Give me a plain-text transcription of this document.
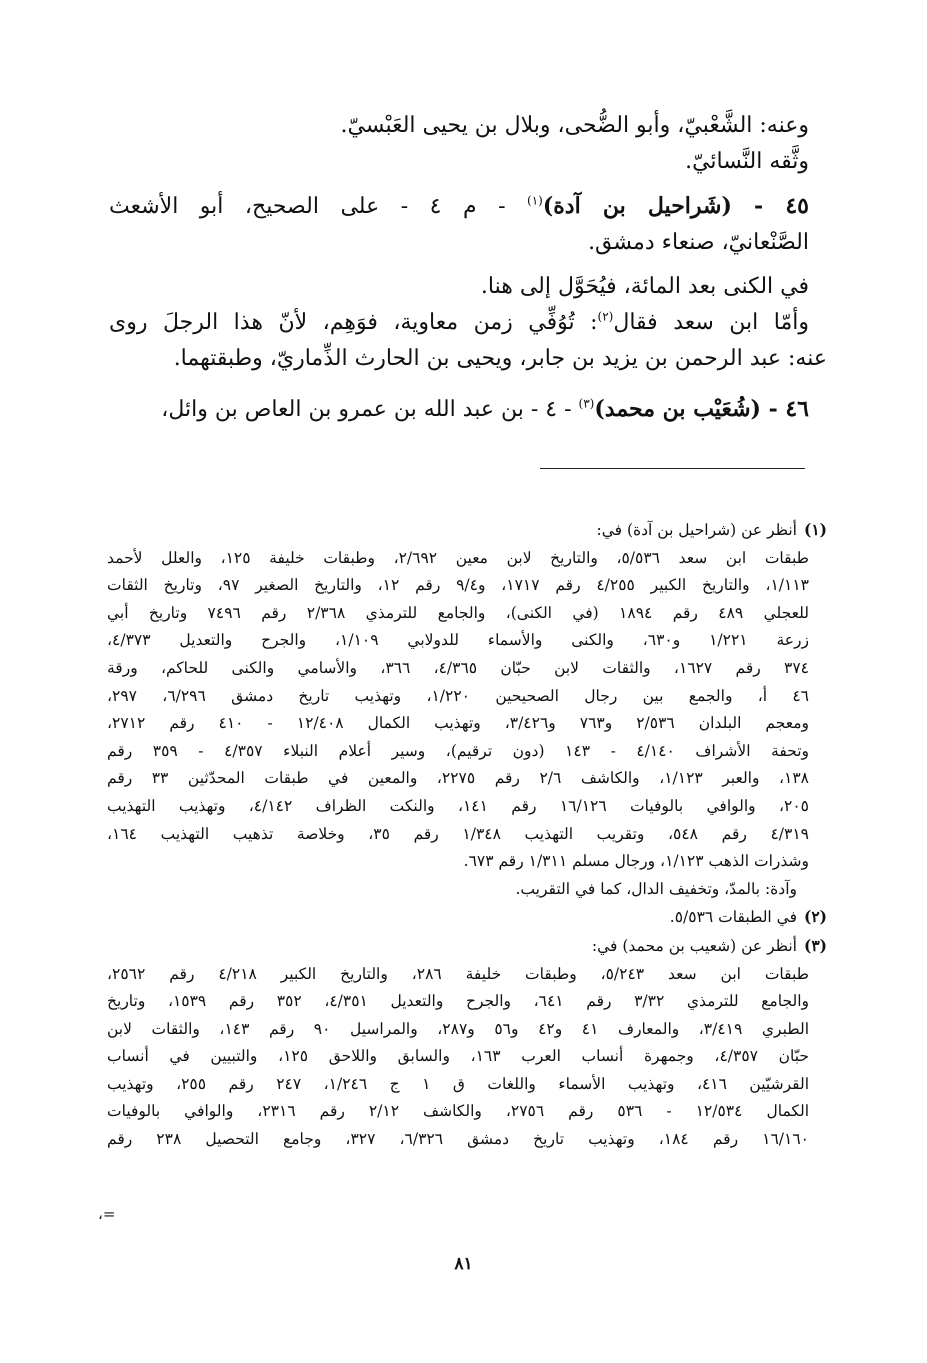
وعنه: الشَّعْبيّ، وأبو الضُّحى، وبلال بن يحيى العَبْسيّ.

وثَّقه النَّسائيّ.

٤٥ - (شَراحيل بن آدة)$^{(١)}$ - م ٤ - على الصحيح، أبو الأشعث

الصَّنْعانيّ، صنعاء دمشق.

في الكنى بعد المائة، فيُحَوَّل إلى هنا.

وأمّا ابن سعد فقال$^{(٢)}$: تُوُفِّي زمن معاوية، فوَهِم، لأنّ هذا الرجلَ روى

عنه: عبد الرحمن بن يزيد بن جابر، ويحيى بن الحارث الذِّماريّ، وطبقتهما.

٤٦ - (شُعَيْب بن محمد)$^{(٣)}$ - ٤ - بن عبد الله بن عمرو بن العاص بن وائل،

(١)أنظر عن (شراحيل بن آدة) في:

طبقات ابن سعد ٥/٥٣٦، والتاريخ لابن معين ٢/٦٩٢، وطبقات خليفة ١٢٥، والعلل لأحمد

١/١١٣، والتاريخ الكبير ٤/٢٥٥ رقم ١٧١٧، و٩/٤ رقم ١٢، والتاريخ الصغير ٩٧، وتاريخ الثقات

للعجلي ٤٨٩ رقم ١٨٩٤ (في الكنى)، والجامع للترمذي ٢/٣٦٨ رقم ٧٤٩٦ وتاريخ أبي

زرعة ١/٢٢١ و٦٣٠، والكنى والأسماء للدولابي ١/١٠٩، والجرح والتعديل ٤/٣٧٣،

٣٧٤ رقم ١٦٢٧، والثقات لابن حبّان ٤/٣٦٥، ٣٦٦، والأسامي والكنى للحاكم، ورقة

٤٦ أ، والجمع بين رجال الصحيحين ١/٢٢٠، وتهذيب تاريخ دمشق ٦/٢٩٦، ٢٩٧،

ومعجم البلدان ٢/٥٣٦ و٧٦٣ و٣/٤٢٦، وتهذيب الكمال ١٢/٤٠٨ - ٤١٠ رقم ٢٧١٢،

وتحفة الأشراف ٤/١٤٠ - ١٤٣ (دون ترقيم)، وسير أعلام النبلاء ٤/٣٥٧ - ٣٥٩ رقم

١٣٨، والعبر ١/١٢٣، والكاشف ٢/٦ رقم ٢٢٧٥، والمعين في طبقات المحدّثين ٣٣ رقم

٢٠٥، والوافي بالوفيات ١٦/١٢٦ رقم ١٤١، والنكت الظراف ٤/١٤٢، وتهذيب التهذيب

٤/٣١٩ رقم ٥٤٨، وتقريب التهذيب ١/٣٤٨ رقم ٣٥، وخلاصة تذهيب التهذيب ١٦٤،

وشذرات الذهب ١/١٢٣، ورجال مسلم ١/٣١١ رقم ٦٧٣.

وآدة: بالمدّ، وتخفيف الدال، كما في التقريب.

(٢)في الطبقات ٥/٥٣٦.

(٣)أنظر عن (شعيب بن محمد) في:

طبقات ابن سعد ٥/٢٤٣، وطبقات خليفة ٢٨٦، والتاريخ الكبير ٤/٢١٨ رقم ٢٥٦٢،

والجامع للترمذي ٣/٣٢ رقم ٦٤١، والجرح والتعديل ٤/٣٥١، ٣٥٢ رقم ١٥٣٩، وتاريخ

الطبري ٣/٤١٩، والمعارف ٤١ و٤٢ و٥٦ و٢٨٧، والمراسيل ٩٠ رقم ١٤٣، والثقات لابن

حبّان ٤/٣٥٧، وجمهرة أنساب العرب ١٦٣، والسابق واللاحق ١٢٥، والتبيين في أنساب

القرشيّين ٤١٦، وتهذيب الأسماء واللغات ق ١ ج ١/٢٤٦، ٢٤٧ رقم ٢٥٥، وتهذيب

الكمال ١٢/٥٣٤ - ٥٣٦ رقم ٢٧٥٦، والكاشف ٢/١٢ رقم ٢٣١٦، والوافي بالوفيات

١٦/١٦٠ رقم ١٨٤، وتهذيب تاريخ دمشق ٦/٣٢٦، ٣٢٧، وجامع التحصيل ٢٣٨ رقم

=،
٨١
